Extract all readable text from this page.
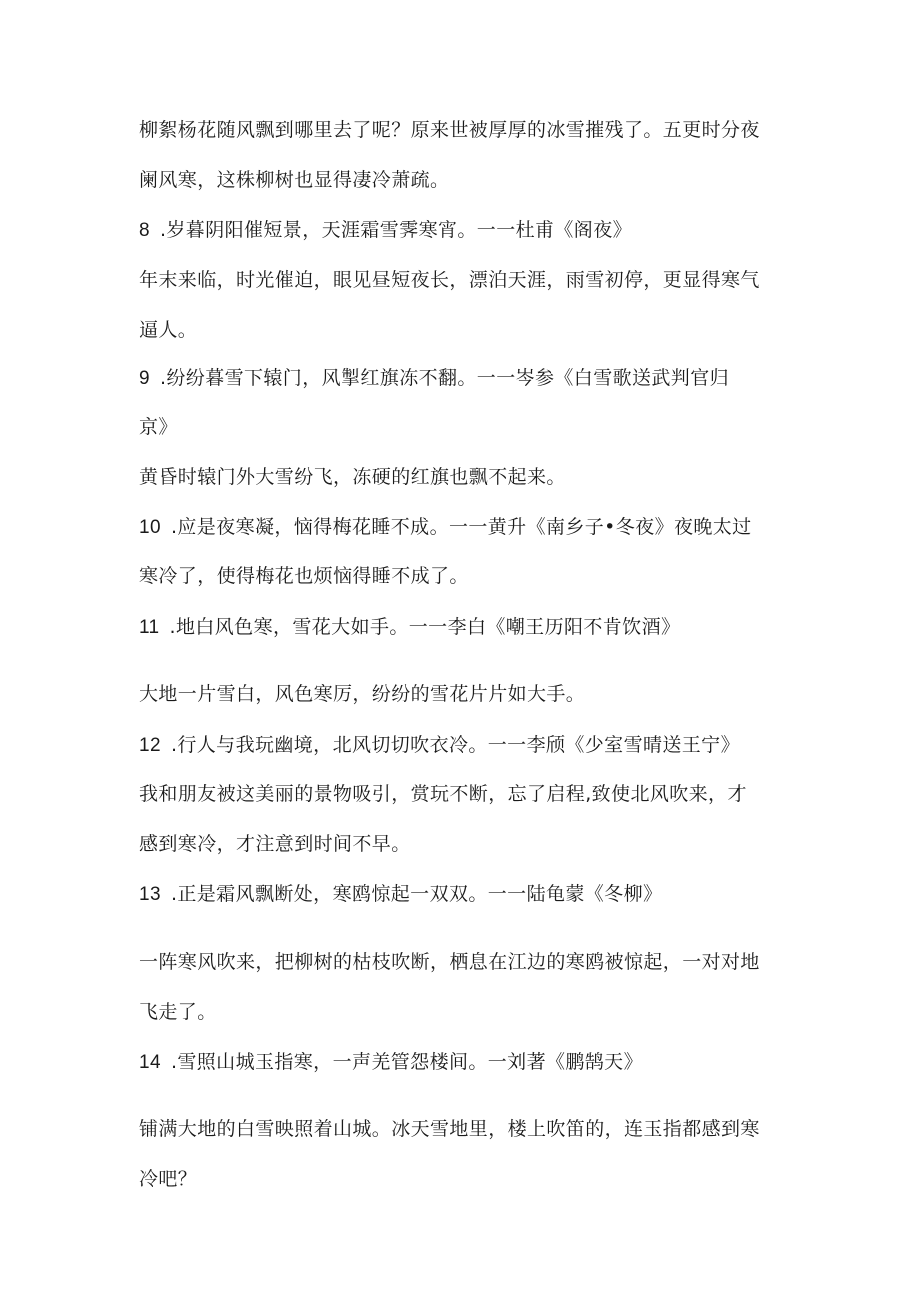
柳絮杨花随风飘到哪里去了呢？原来世被厚厚的冰雪摧残了。五更时分夜
阑风寒，这株柳树也显得凄冷萧疏。
8 .岁暮阴阳催短景，天涯霜雪霁寒宵。一一杜甫《阁夜》
年末来临，时光催迫，眼见昼短夜长，漂泊天涯，雨雪初停，更显得寒气
逼人。
9 .纷纷暮雪下辕门，风掣红旗冻不翻。一一岑参《白雪歌送武判官归
京》
黄昏时辕门外大雪纷飞，冻硬的红旗也飘不起来。
10 .应是夜寒凝，恼得梅花睡不成。一一黄升《南乡子•冬夜》夜晚太过
寒冷了，使得梅花也烦恼得睡不成了。
11 .地白风色寒，雪花大如手。一一李白《嘲王历阳不肯饮酒》
大地一片雪白，风色寒厉，纷纷的雪花片片如大手。
12 .行人与我玩幽境，北风切切吹衣冷。一一李颀《少室雪晴送王宁》
我和朋友被这美丽的景物吸引，赏玩不断，忘了启程,致使北风吹来，才
感到寒冷，才注意到时间不早。
13 .正是霜风飘断处，寒鸥惊起一双双。一一陆龟蒙《冬柳》
一阵寒风吹来，把柳树的枯枝吹断，栖息在江边的寒鸥被惊起，一对对地
飞走了。
14 .雪照山城玉指寒，一声羌管怨楼间。一刘著《鹏鹄天》
铺满大地的白雪映照着山城。冰天雪地里，楼上吹笛的，连玉指都感到寒
冷吧？
